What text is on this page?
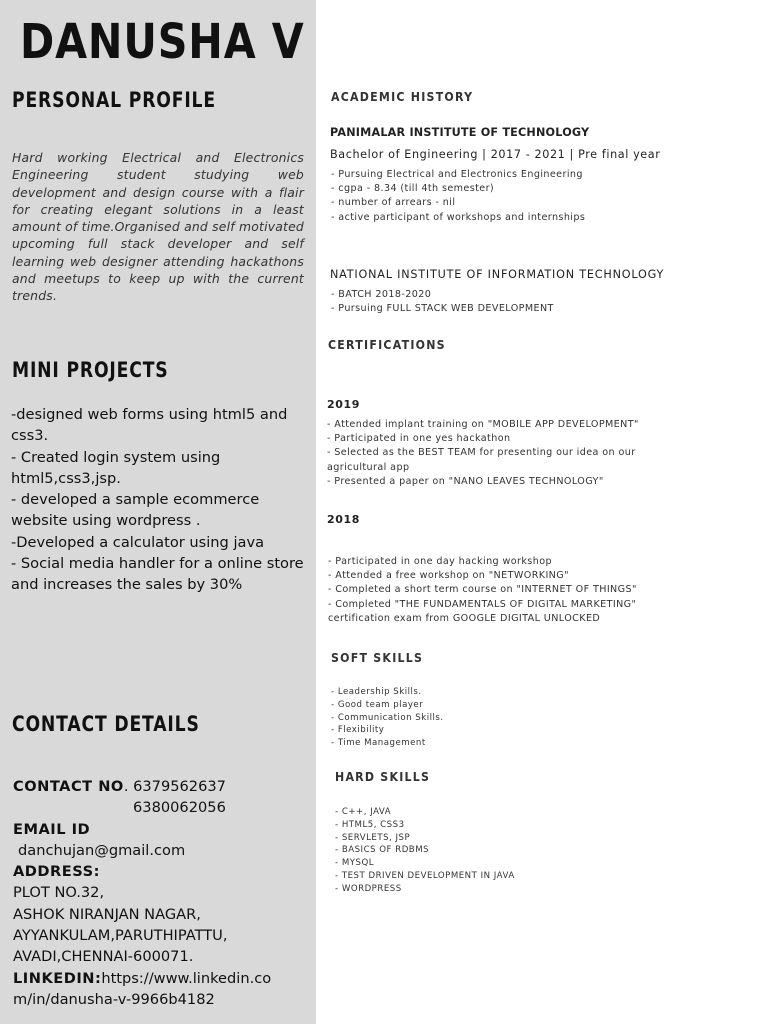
DANUSHA V
PERSONAL PROFILE

Hard working Electrical and Electronics Engineering student studying web development and design course with a flair for creating elegant solutions in a least amount of time.Organised and self motivated upcoming full stack developer and self learning web designer attending hackathons and meetups to keep up with the current trends.

MINI PROJECTS
-designed web forms using html5 and css3.
- Created login system using html5,css3,jsp.
- developed a sample ecommerce website using wordpress .
-Developed a calculator using java
- Social media handler for a online store and increases the sales by 30%
CONTACT DETAILS
CONTACT NO. 6379562637
6380062056
EMAIL ID
danchujan@gmail.com
ADDRESS:
PLOT NO.32,
ASHOK NIRANJAN NAGAR,
AYYANKULAM,PARUTHIPATTU,
AVADI,CHENNAI-600071.
LINKEDIN:https://www.linkedin.co
m/in/danusha-v-9966b4182
ACADEMIC HISTORY

PANIMALAR INSTITUTE OF TECHNOLOGY

Bachelor of Engineering | 2017 - 2021 | Pre final year

- Pursuing Electrical and Electronics Engineering
- cgpa - 8.34 (till 4th semester)
- number of arrears - nil
- active participant of workshops and internships

NATIONAL INSTITUTE OF INFORMATION TECHNOLOGY

- BATCH 2018-2020
- Pursuing FULL STACK WEB DEVELOPMENT
CERTIFICATIONS

2019

- Attended implant training on "MOBILE APP DEVELOPMENT"
- Participated in one yes hackathon
- Selected as the BEST TEAM for presenting our idea on our agricultural app
- Presented a paper on "NANO LEAVES TECHNOLOGY"

2018

- Participated in one day hacking workshop
- Attended a free workshop on "NETWORKING"
- Completed a short term course on "INTERNET OF THINGS"
- Completed "THE FUNDAMENTALS OF DIGITAL MARKETING" certification exam from GOOGLE DIGITAL UNLOCKED
SOFT SKILLS
- Leadership Skills.
- Good team player
- Communication Skills.
- Flexibility
- Time Management
HARD SKILLS
- C++, JAVA
- HTML5, CSS3
- SERVLETS, JSP
- BASICS OF RDBMS
- MYSQL
- TEST DRIVEN DEVELOPMENT IN JAVA
- WORDPRESS
